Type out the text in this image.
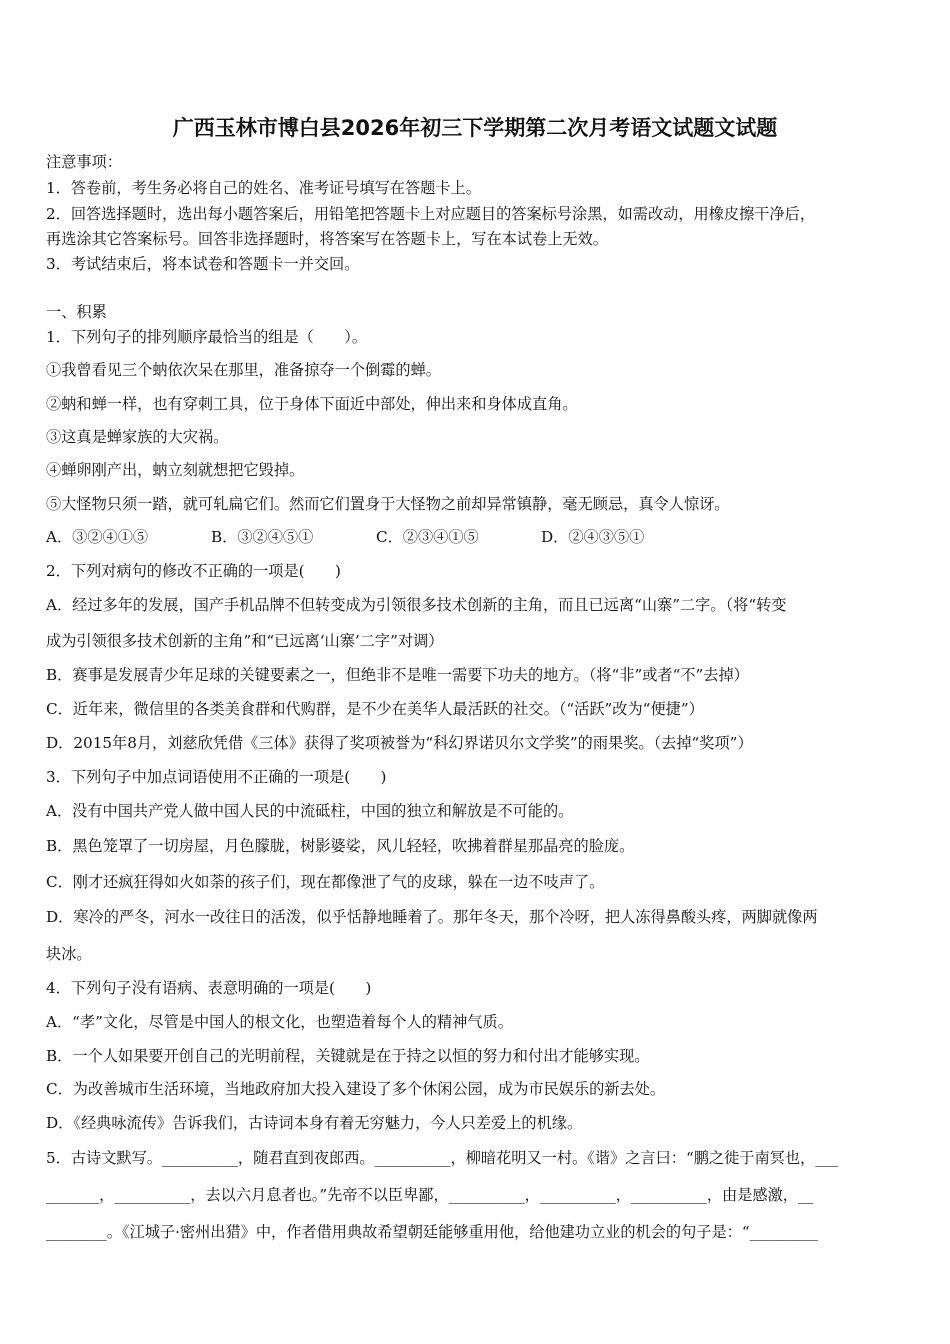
广西玉林市博白县2026年初三下学期第二次月考语文试题文试题
注意事项：
1．答卷前，考生务必将自己的姓名、准考证号填写在答题卡上。
2．回答选择题时，选出每小题答案后，用铅笔把答题卡上对应题目的答案标号涂黑，如需改动，用橡皮擦干净后，
再选涂其它答案标号。回答非选择题时，将答案写在答题卡上，写在本试卷上无效。
3．考试结束后，将本试卷和答题卡一并交回。
一、积累
1．下列句子的排列顺序最恰当的组是（　　）。
①我曾看见三个蚋依次呆在那里，准备掠夺一个倒霉的蝉。
②蚋和蝉一样，也有穿刺工具，位于身体下面近中部处，伸出来和身体成直角。
③这真是蝉家族的大灾祸。
④蝉卵刚产出，蚋立刻就想把它毁掉。
⑤大怪物只须一踏，就可轧扁它们。然而它们置身于大怪物之前却异常镇静，毫无顾忌，真令人惊讶。
A．③②④①⑤	B．③②④⑤①	C．②③④①⑤	D．②④③⑤①
2．下列对病句的修改不正确的一项是(　　)
A．经过多年的发展，国产手机品牌不但转变成为引领很多技术创新的主角，而且已远离“山寨”二字。（将“转变
成为引领很多技术创新的主角”和“已远离‘山寨’二字”对调）
B．赛事是发展青少年足球的关键要素之一，但绝非不是唯一需要下功夫的地方。（将“非”或者“不”去掉）
C．近年来，微信里的各类美食群和代购群，是不少在美华人最活跃的社交。（“活跃”改为“便捷”）
D．2015年8月，刘慈欣凭借《三体》获得了奖项被誉为“科幻界诺贝尔文学奖”的雨果奖。（去掉“奖项”）
3．下列句子中加点词语使用不正确的一项是(　　)
A．没有中国共产党人做中国人民的中流砥柱，中国的独立和解放是不可能的。
B．黑色笼罩了一切房屋，月色朦胧，树影婆娑，风儿轻轻，吹拂着群星那晶亮的脸庞。
C．刚才还疯狂得如火如荼的孩子们，现在都像泄了气的皮球，躲在一边不吱声了。
D．寒冷的严冬，河水一改往日的活泼，似乎恬静地睡着了。那年冬天，那个冷呀，把人冻得鼻酸头疼，两脚就像两
块冰。
4．下列句子没有语病、表意明确的一项是(　　)
A．“孝”文化，尽管是中国人的根文化，也塑造着每个人的精神气质。
B．一个人如果要开创自己的光明前程，关键就是在于持之以恒的努力和付出才能够实现。
C．为改善城市生活环境，当地政府加大投入建设了多个休闲公园，成为市民娱乐的新去处。
D．《经典咏流传》告诉我们，古诗词本身有着无穷魅力，今人只差爱上的机缘。
5．古诗文默写。__________，随君直到夜郎西。__________，柳暗花明又一村。《谐》之言曰：“鹏之徙于南冥也，___
_______，__________，去以六月息者也。”先帝不以臣卑鄙，__________，__________，__________，由是感激，__
________。《江城子·密州出猎》中，作者借用典故希望朝廷能够重用他，给他建功立业的机会的句子是：“_________
